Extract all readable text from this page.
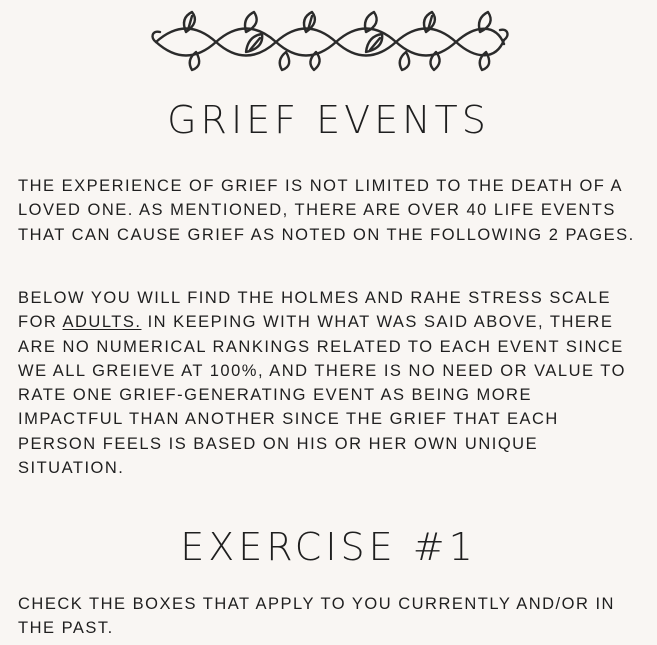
GRIEF EVENTS

THE EXPERIENCE OF GRIEF IS NOT LIMITED TO THE DEATH OF A LOVED ONE. AS MENTIONED, THERE ARE OVER 40 LIFE EVENTS THAT CAN CAUSE GRIEF AS NOTED ON THE FOLLOWING 2 PAGES.

BELOW YOU WILL FIND THE HOLMES AND RAHE STRESS SCALE FOR ADULTS. IN KEEPING WITH WHAT WAS SAID ABOVE, THERE ARE NO NUMERICAL RANKINGS RELATED TO EACH EVENT SINCE WE ALL GREIEVE AT 100%, AND THERE IS NO NEED OR VALUE TO RATE ONE GRIEF-GENERATING EVENT AS BEING MORE IMPACTFUL THAN ANOTHER SINCE THE GRIEF THAT EACH PERSON FEELS IS BASED ON HIS OR HER OWN UNIQUE SITUATION.

EXERCISE #1

CHECK THE BOXES THAT APPLY TO YOU CURRENTLY AND/OR IN THE PAST.
